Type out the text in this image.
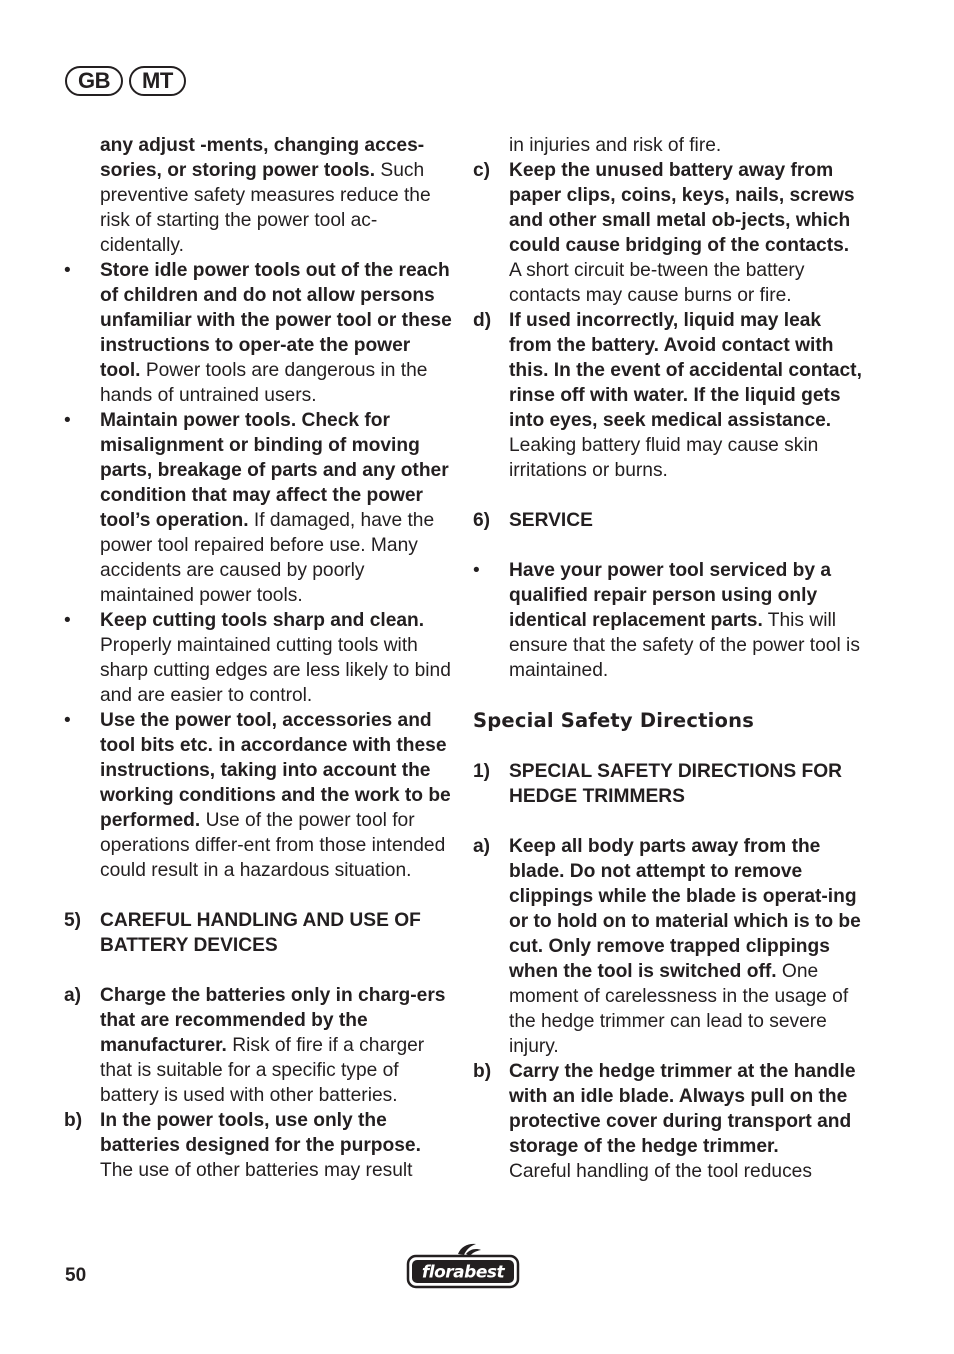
GB	MT
any adjust -ments, changing acces-sories, or storing power tools. Such preventive safety measures reduce the risk of starting the power tool ac-cidentally.
•	Store idle power tools out of the reach of children and do not allow persons unfamiliar with the power tool or these instructions to oper-ate the power tool. Power tools are dangerous in the hands of untrained users.
•	Maintain power tools. Check for misalignment or binding of moving parts, breakage of parts and any other condition that may affect the power tool’s operation. If damaged, have the power tool repaired before use. Many accidents are caused by poorly maintained power tools.
•	Keep cutting tools sharp and clean. Properly maintained cutting tools with sharp cutting edges are less likely to bind and are easier to control.
•	Use the power tool, accessories and tool bits etc. in accordance with these instructions, taking into account the working conditions and the work to be performed. Use of the power tool for operations differ-ent from those intended could result in a hazardous situation.
5) CAREFUL HANDLING AND USE OF BATTERY DEVICES
a) Charge the batteries only in charg-ers that are recommended by the manufacturer. Risk of fire if a charger that is suitable for a specific type of battery is used with other batteries.
b) In the power tools, use only the batteries designed for the purpose. The use of other batteries may result
in injuries and risk of fire.
c) Keep the unused battery away from paper clips, coins, keys, nails, screws and other small metal ob-jects, which could cause bridging of the contacts. A short circuit be-tween the battery contacts may cause burns or fire.
d) If used incorrectly, liquid may leak from the battery. Avoid contact with this. In the event of accidental contact, rinse off with water. If the liquid gets into eyes, seek medical assistance. Leaking battery fluid may cause skin irritations or burns.
6) SERVICE
•	Have your power tool serviced by a qualified repair person using only identical replacement parts. This will ensure that the safety of the power tool is maintained.
Special Safety Directions
1) SPECIAL SAFETY DIRECTIONS FOR HEDGE TRIMMERS
a) Keep all body parts away from the blade. Do not attempt to remove clippings while the blade is operat-ing or to hold on to material which is to be cut. Only remove trapped clippings when the tool is switched off. One moment of carelessness in the usage of the hedge trimmer can lead to severe injury.
b) Carry the hedge trimmer at the handle with an idle blade. Always pull on the protective cover during transport and storage of the hedge trimmer.
Careful handling of the tool reduces
50	florabest
